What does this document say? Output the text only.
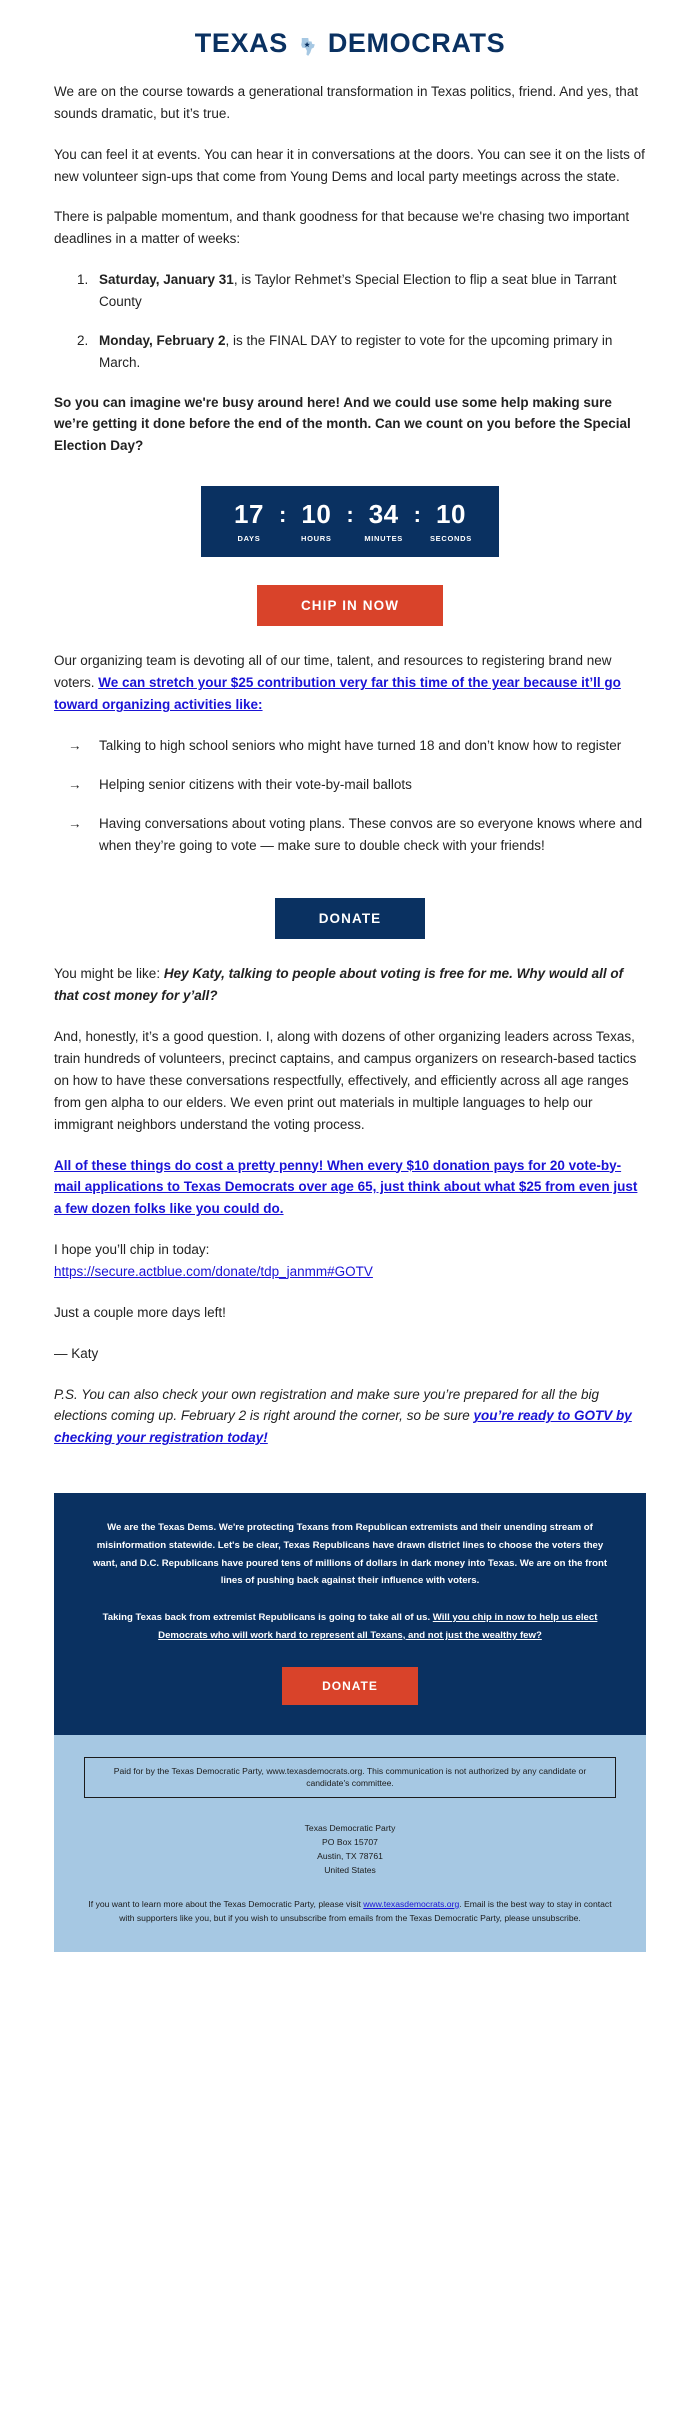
TEXAS DEMOCRATS

We are on the course towards a generational transformation in Texas politics, friend. And yes, that sounds dramatic, but it’s true.

You can feel it at events. You can hear it in conversations at the doors. You can see it on the lists of new volunteer sign-ups that come from Young Dems and local party meetings across the state.

There is palpable momentum, and thank goodness for that because we're chasing two important deadlines in a matter of weeks:

1. Saturday, January 31, is Taylor Rehmet’s Special Election to flip a seat blue in Tarrant County
2. Monday, February 2, is the FINAL DAY to register to vote for the upcoming primary in March.

So you can imagine we're busy around here! And we could use some help making sure we’re getting it done before the end of the month. Can we count on you before the Special Election Day?

17
DAYS
: 10
HOURS
: 34
MINUTES
: 10
SECONDS
CHIP IN NOW

Our organizing team is devoting all of our time, talent, and resources to registering brand new voters. We can stretch your $25 contribution very far this time of the year because it’ll go toward organizing activities like:

→ Talking to high school seniors who might have turned 18 and don’t know how to register
→ Helping senior citizens with their vote-by-mail ballots
→ Having conversations about voting plans. These convos are so everyone knows where and when they’re going to vote — make sure to double check with your friends!
DONATE

You might be like: Hey Katy, talking to people about voting is free for me. Why would all of that cost money for y’all?

And, honestly, it’s a good question. I, along with dozens of other organizing leaders across Texas, train hundreds of volunteers, precinct captains, and campus organizers on research-based tactics on how to have these conversations respectfully, effectively, and efficiently across all age ranges from gen alpha to our elders. We even print out materials in multiple languages to help our immigrant neighbors understand the voting process.

All of these things do cost a pretty penny! When every $10 donation pays for 20 vote-by-mail applications to Texas Democrats over age 65, just think about what $25 from even just a few dozen folks like you could do.

I hope you’ll chip in today:
https://secure.actblue.com/donate/tdp_janmm#GOTV

Just a couple more days left!

— Katy

P.S. You can also check your own registration and make sure you’re prepared for all the big elections coming up. February 2 is right around the corner, so be sure you’re ready to GOTV by checking your registration today!

We are the Texas Dems. We're protecting Texans from Republican extremists and their unending stream of misinformation statewide. Let's be clear, Texas Republicans have drawn district lines to choose the voters they want, and D.C. Republicans have poured tens of millions of dollars in dark money into Texas. We are on the front lines of pushing back against their influence with voters.

Taking Texas back from extremist Republicans is going to take all of us. Will you chip in now to help us elect Democrats who will work hard to represent all Texans, and not just the wealthy few?

DONATE
Paid for by the Texas Democratic Party, www.texasdemocrats.org. This communication is not authorized by any candidate or candidate's committee.
Texas Democratic Party
PO Box 15707
Austin, TX 78761
United States
If you want to learn more about the Texas Democratic Party, please visit www.texasdemocrats.org. Email is the best way to stay in contact with supporters like you, but if you wish to unsubscribe from emails from the Texas Democratic Party, please unsubscribe.
